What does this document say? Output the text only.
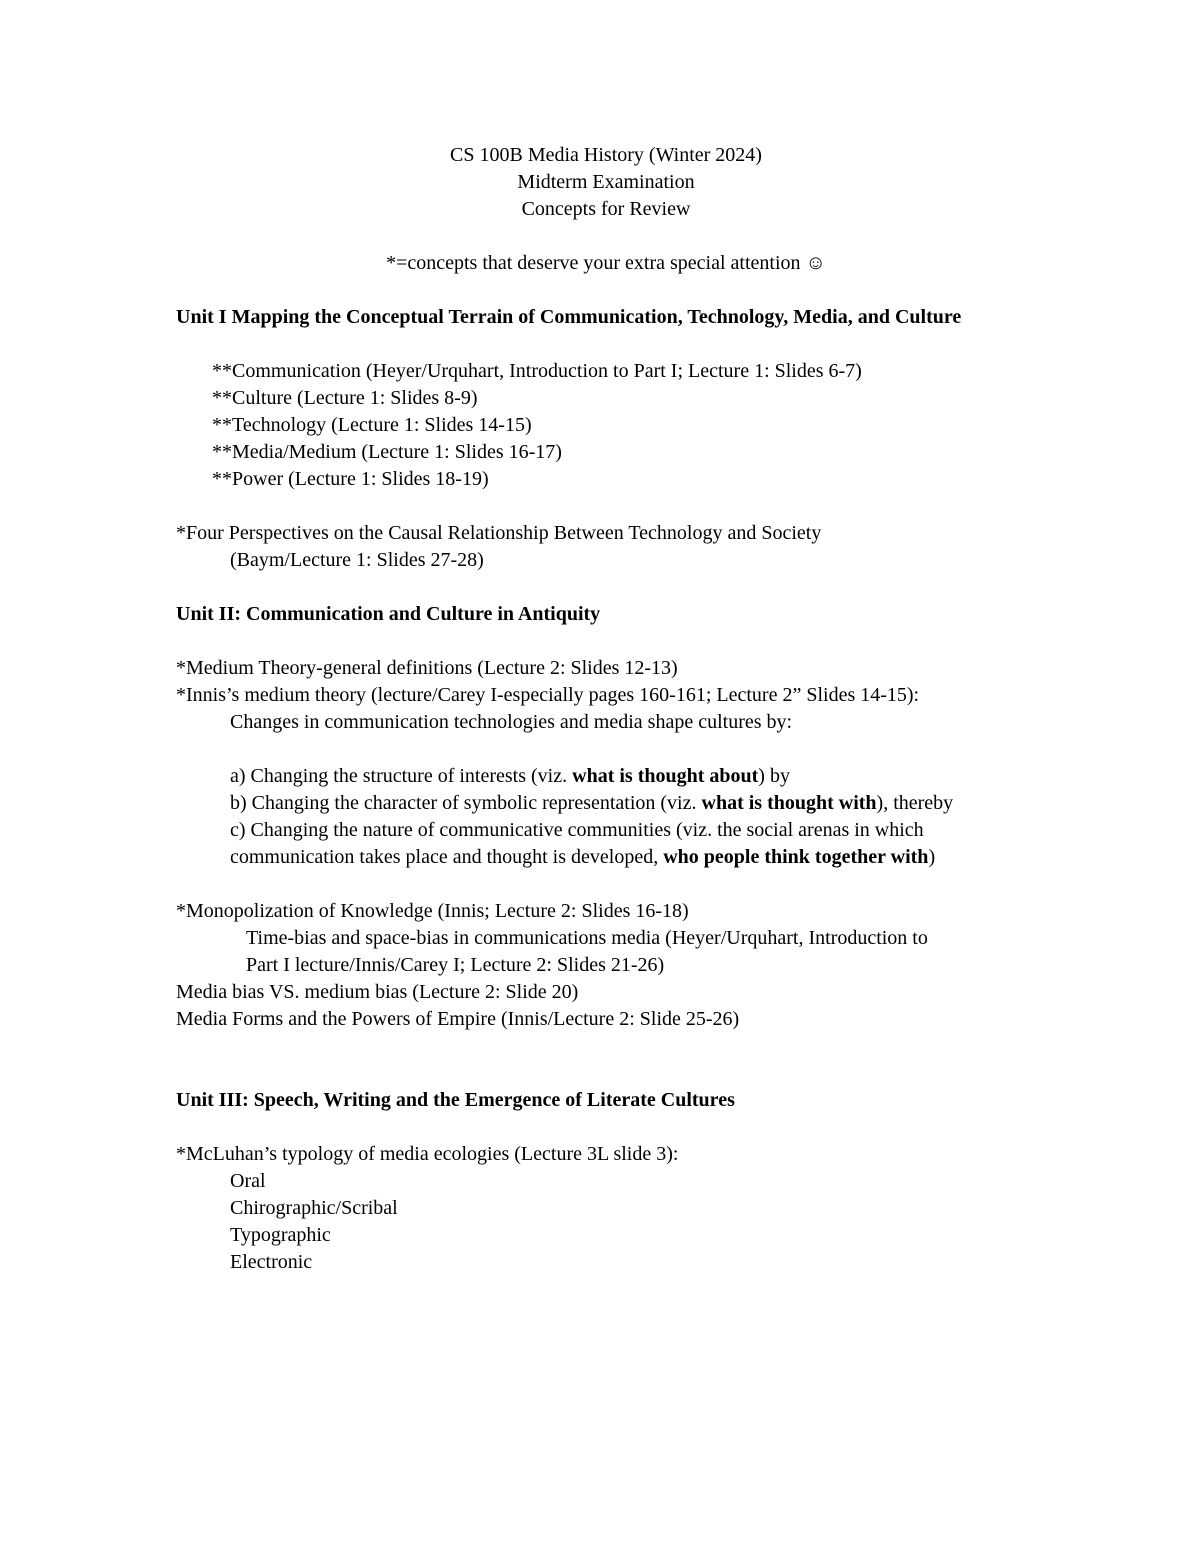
CS 100B Media History (Winter 2024)

Midterm Examination

Concepts for Review

*=concepts that deserve your extra special attention ☺

Unit I Mapping the Conceptual Terrain of Communication, Technology, Media, and Culture

**Communication (Heyer/Urquhart, Introduction to Part I; Lecture 1: Slides 6-7)

**Culture (Lecture 1: Slides 8-9)

**Technology (Lecture 1: Slides 14-15)

**Media/Medium (Lecture 1: Slides 16-17)

**Power (Lecture 1: Slides 18-19)

*Four Perspectives on the Causal Relationship Between Technology and Society

(Baym/Lecture 1: Slides 27-28)

Unit II: Communication and Culture in Antiquity

*Medium Theory-general definitions (Lecture 2: Slides 12-13)

*Innis’s medium theory (lecture/Carey I-especially pages 160-161; Lecture 2” Slides 14-15):

Changes in communication technologies and media shape cultures by:

a) Changing the structure of interests (viz. what is thought about) by

b) Changing the character of symbolic representation (viz. what is thought with), thereby

c) Changing the nature of communicative communities (viz. the social arenas in which communication takes place and thought is developed, who people think together with)

*Monopolization of Knowledge (Innis; Lecture 2: Slides 16-18)

Time-bias and space-bias in communications media (Heyer/Urquhart, Introduction to Part I lecture/Innis/Carey I; Lecture 2: Slides 21-26)

Media bias VS. medium bias (Lecture 2: Slide 20)

Media Forms and the Powers of Empire (Innis/Lecture 2: Slide 25-26)

Unit III: Speech, Writing and the Emergence of Literate Cultures

*McLuhan’s typology of media ecologies (Lecture 3L slide 3):

Oral

Chirographic/Scribal

Typographic

Electronic
